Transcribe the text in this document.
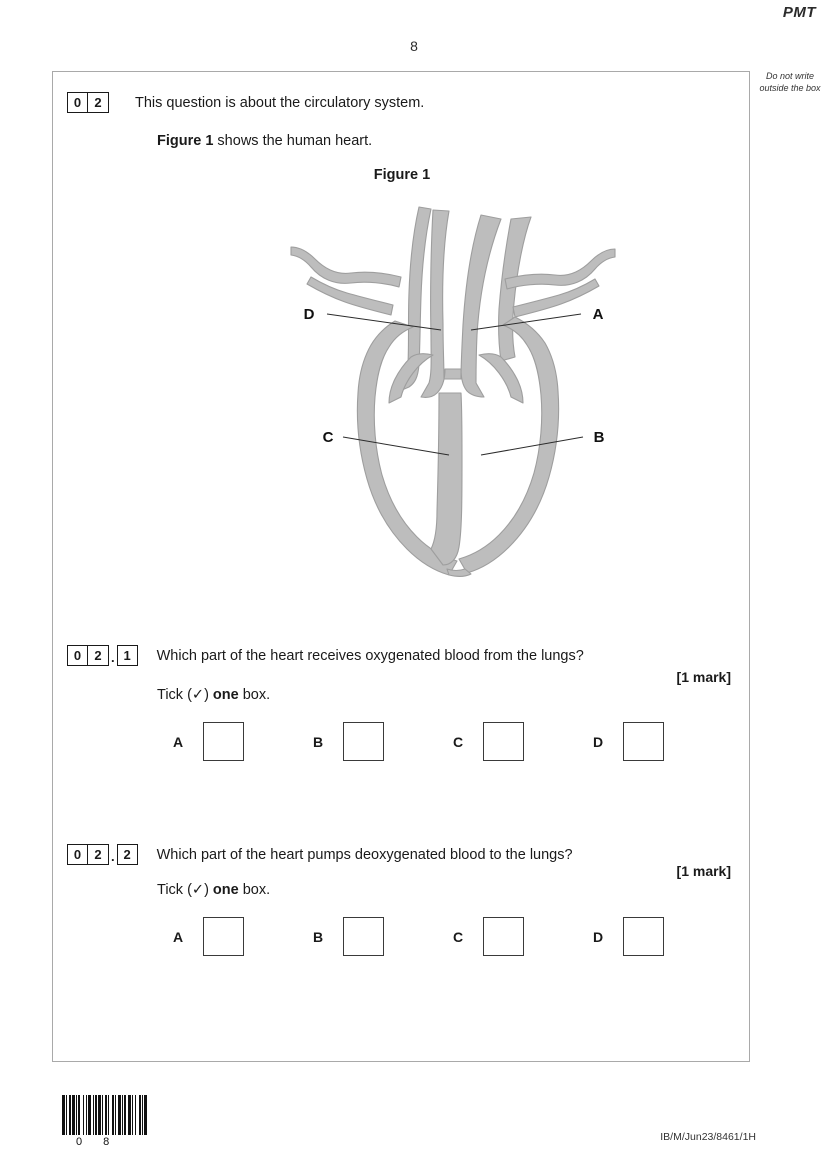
PMT
8
Do not write outside the box
0	2	This question is about the circulatory system.
Figure 1 shows the human heart.
Figure 1
D	A
C	B
0	2 . 1	Which part of the heart receives oxygenated blood from the lungs?
[1 mark]
Tick (✓) one box.
A	B	C	D
0	2 . 2	Which part of the heart pumps deoxygenated blood to the lungs?
[1 mark]
Tick (✓) one box.
A	B	C	D
0 8	IB/M/Jun23/8461/1H
